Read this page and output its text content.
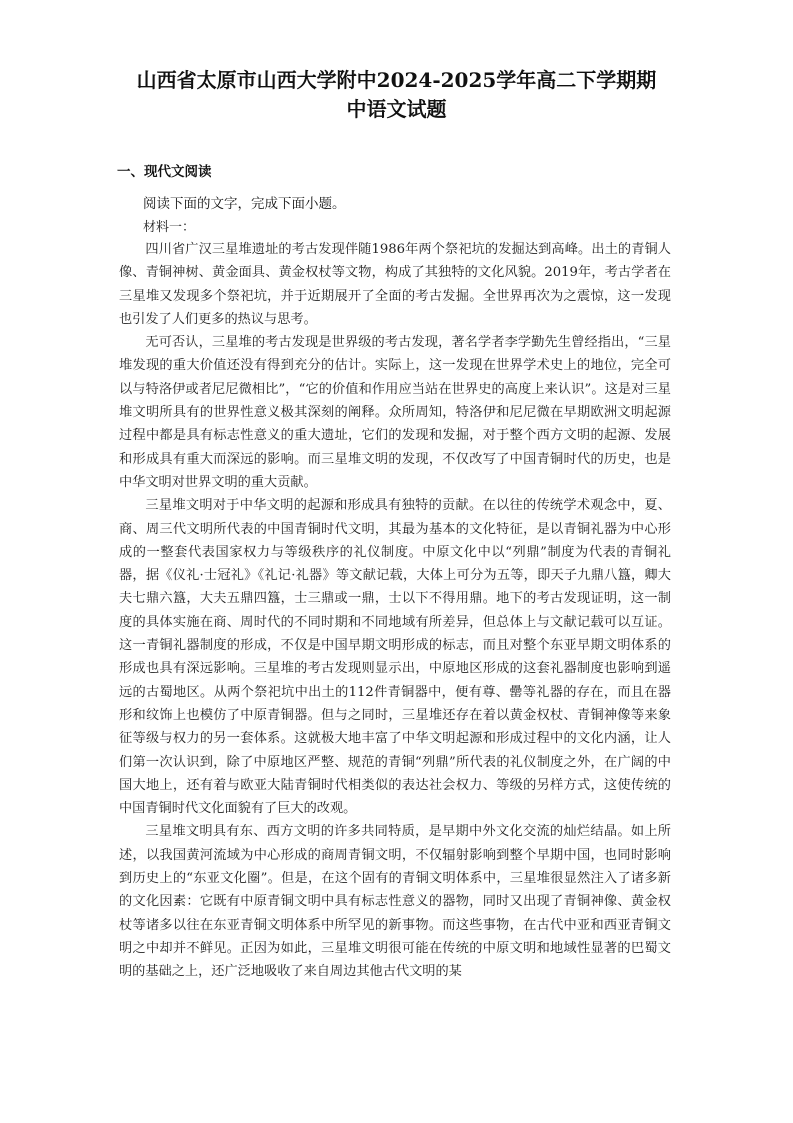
山西省太原市山西大学附中2024-2025学年高二下学期期
中语文试题
一、现代文阅读
阅读下面的文字，完成下面小题。
材料一：

四川省广汉三星堆遗址的考古发现伴随1986年两个祭祀坑的发掘达到高峰。出土的青铜人像、青铜神树、黄金面具、黄金权杖等文物，构成了其独特的文化风貌。2019年，考古学者在三星堆又发现多个祭祀坑，并于近期展开了全面的考古发掘。全世界再次为之震惊，这一发现也引发了人们更多的热议与思考。

无可否认，三星堆的考古发现是世界级的考古发现，著名学者李学勤先生曾经指出，“三星堆发现的重大价值还没有得到充分的估计。实际上，这一发现在世界学术史上的地位，完全可以与特洛伊或者尼尼微相比”，“它的价值和作用应当站在世界史的高度上来认识”。这是对三星堆文明所具有的世界性意义极其深刻的阐释。众所周知，特洛伊和尼尼微在早期欧洲文明起源过程中都是具有标志性意义的重大遗址，它们的发现和发掘，对于整个西方文明的起源、发展和形成具有重大而深远的影响。而三星堆文明的发现，不仅改写了中国青铜时代的历史，也是中华文明对世界文明的重大贡献。

三星堆文明对于中华文明的起源和形成具有独特的贡献。在以往的传统学术观念中，夏、商、周三代文明所代表的中国青铜时代文明，其最为基本的文化特征，是以青铜礼器为中心形成的一整套代表国家权力与等级秩序的礼仪制度。中原文化中以“列鼎”制度为代表的青铜礼器，据《仪礼·士冠礼》《礼记·礼器》等文献记载，大体上可分为五等，即天子九鼎八簋，卿大夫七鼎六簋，大夫五鼎四簋，士三鼎或一鼎，士以下不得用鼎。地下的考古发现证明，这一制度的具体实施在商、周时代的不同时期和不同地域有所差异，但总体上与文献记载可以互证。这一青铜礼器制度的形成，不仅是中国早期文明形成的标志，而且对整个东亚早期文明体系的形成也具有深远影响。三星堆的考古发现则显示出，中原地区形成的这套礼器制度也影响到遥远的古蜀地区。从两个祭祀坑中出土的112件青铜器中，便有尊、罍等礼器的存在，而且在器形和纹饰上也模仿了中原青铜器。但与之同时，三星堆还存在着以黄金权杖、青铜神像等来象征等级与权力的另一套体系。这就极大地丰富了中华文明起源和形成过程中的文化内涵，让人们第一次认识到，除了中原地区严整、规范的青铜“列鼎”所代表的礼仪制度之外，在广阔的中国大地上，还有着与欧亚大陆青铜时代相类似的表达社会权力、等级的另样方式，这使传统的中国青铜时代文化面貌有了巨大的改观。

三星堆文明具有东、西方文明的许多共同特质，是早期中外文化交流的灿烂结晶。如上所述，以我国黄河流域为中心形成的商周青铜文明，不仅辐射影响到整个早期中国，也同时影响到历史上的“东亚文化圈”。但是，在这个固有的青铜文明体系中，三星堆很显然注入了诸多新的文化因素：它既有中原青铜文明中具有标志性意义的器物，同时又出现了青铜神像、黄金权杖等诸多以往在东亚青铜文明体系中所罕见的新事物。而这些事物，在古代中亚和西亚青铜文明之中却并不鲜见。正因为如此，三星堆文明很可能在传统的中原文明和地域性显著的巴蜀文明的基础之上，还广泛地吸收了来自周边其他古代文明的某
